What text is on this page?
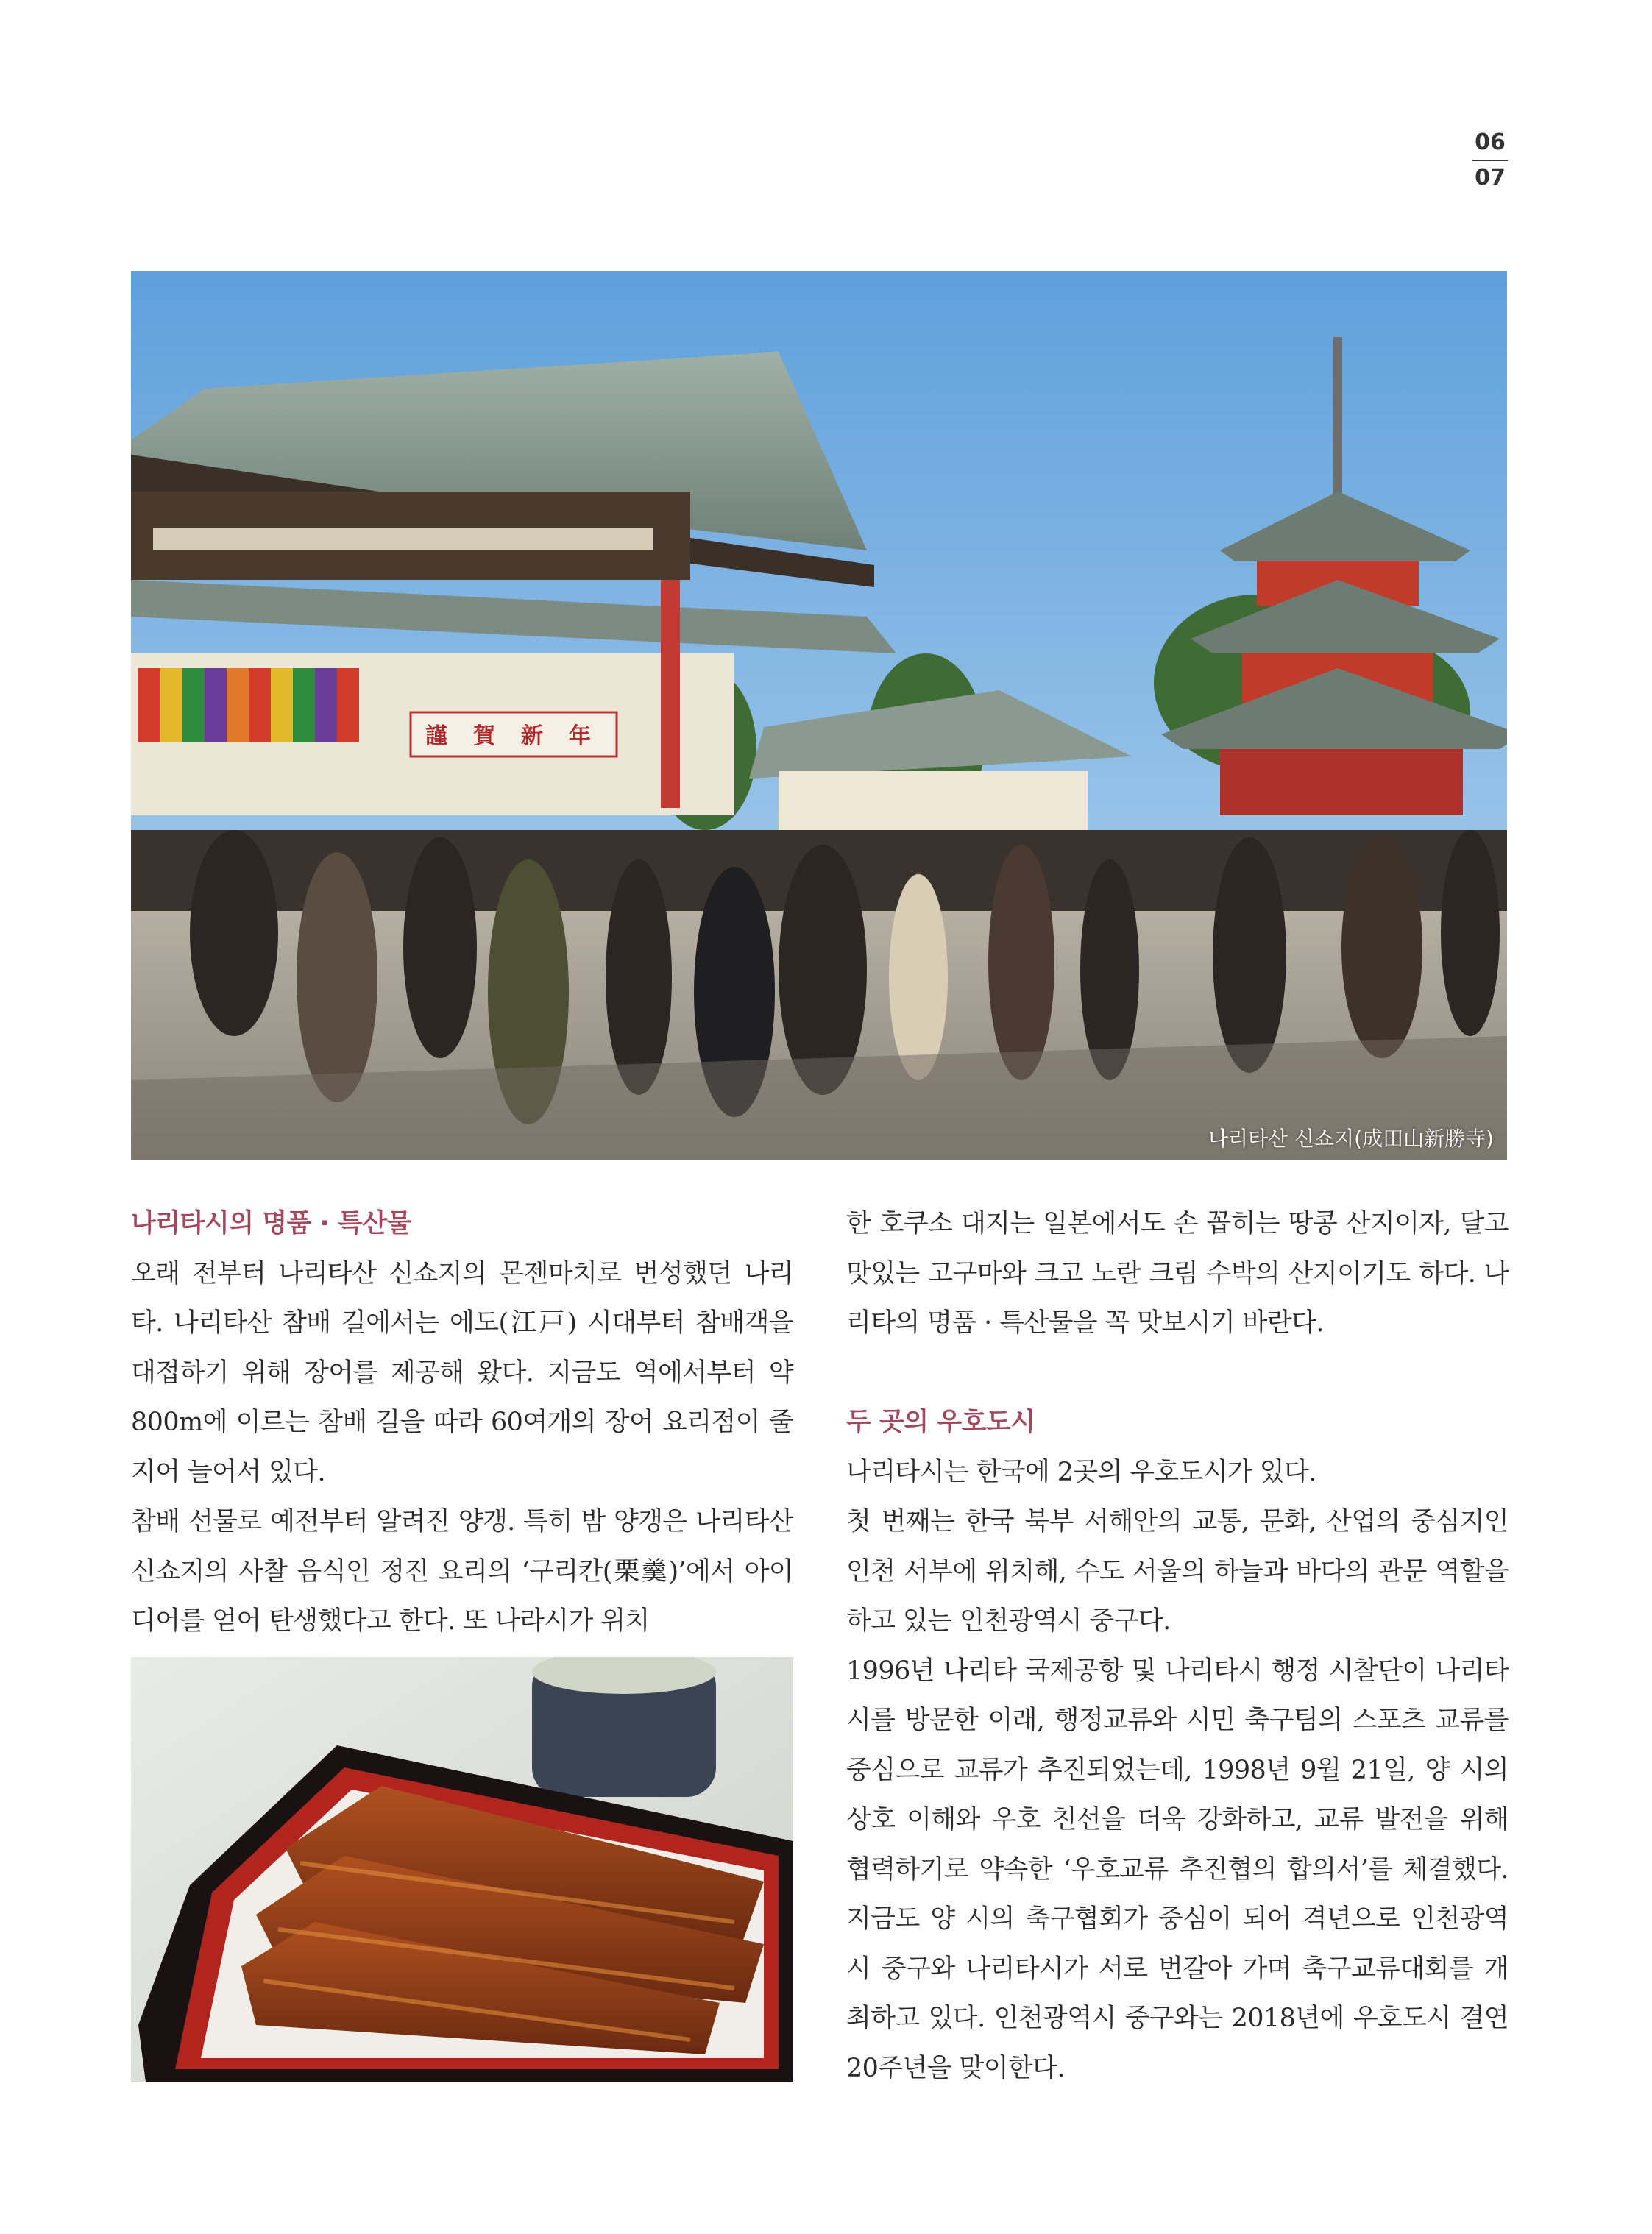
06
07
謹 賀 新 年
나리타산 신쇼지(成田山新勝寺)
나리타시의 명품 · 특산물
오래 전부터 나리타산 신쇼지의 몬젠마치로 번성했던 나리타. 나리타산 참배 길에서는 에도(江戸) 시대부터 참배객을 대접하기 위해 장어를 제공해 왔다. 지금도 역에서부터 약 800m에 이르는 참배 길을 따라 60여개의 장어 요리점이 줄지어 늘어서 있다.
참배 선물로 예전부터 알려진 양갱. 특히 밤 양갱은 나리타산 신쇼지의 사찰 음식인 정진 요리의 ‘구리칸(栗羹)’에서 아이디어를 얻어 탄생했다고 한다. 또 나라시가 위치
한 호쿠소 대지는 일본에서도 손 꼽히는 땅콩 산지이자, 달고 맛있는 고구마와 크고 노란 크림 수박의 산지이기도 하다. 나리타의 명품 · 특산물을 꼭 맛보시기 바란다.
두 곳의 우호도시
나리타시는 한국에 2곳의 우호도시가 있다.
첫 번째는 한국 북부 서해안의 교통, 문화, 산업의 중심지인 인천 서부에 위치해, 수도 서울의 하늘과 바다의 관문 역할을 하고 있는 인천광역시 중구다.
1996년 나리타 국제공항 및 나리타시 행정 시찰단이 나리타시를 방문한 이래, 행정교류와 시민 축구팀의 스포츠 교류를 중심으로 교류가 추진되었는데, 1998년 9월 21일, 양 시의 상호 이해와 우호 친선을 더욱 강화하고, 교류 발전을 위해 협력하기로 약속한 ‘우호교류 추진협의 합의서’를 체결했다. 지금도 양 시의 축구협회가 중심이 되어 격년으로 인천광역시 중구와 나리타시가 서로 번갈아 가며 축구교류대회를 개최하고 있다. 인천광역시 중구와는 2018년에 우호도시 결연 20주년을 맞이한다.
